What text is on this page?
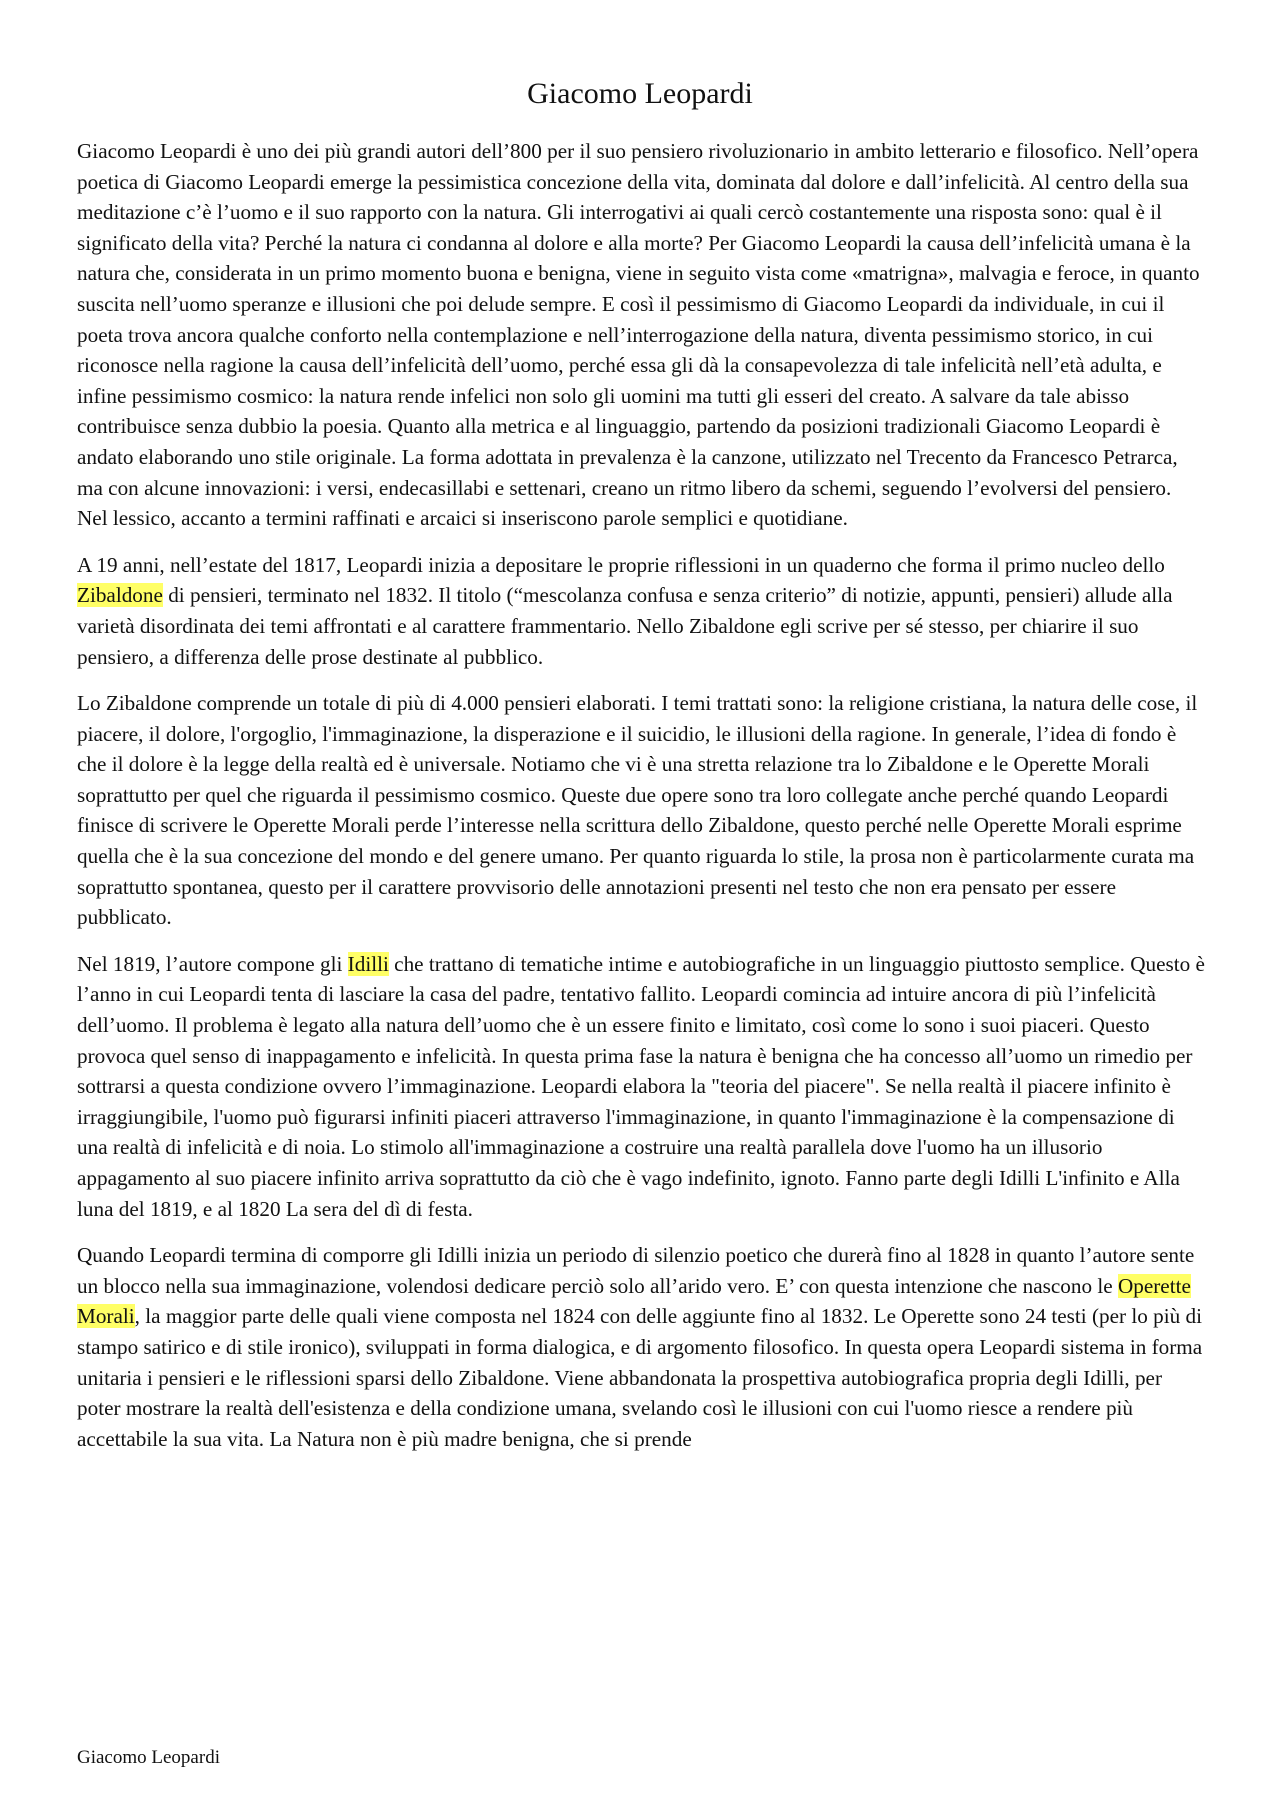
Giacomo Leopardi

Giacomo Leopardi è uno dei più grandi autori dell’800 per il suo pensiero rivoluzionario in ambito letterario e filosofico. Nell’opera poetica di Giacomo Leopardi emerge la pessimistica concezione della vita, dominata dal dolore e dall’infelicità. Al centro della sua meditazione c’è l’uomo e il suo rapporto con la natura. Gli interrogativi ai quali cercò costantemente una risposta sono: qual è il significato della vita? Perché la natura ci condanna al dolore e alla morte? Per Giacomo Leopardi la causa dell’infelicità umana è la natura che, considerata in un primo momento buona e benigna, viene in seguito vista come «matrigna», malvagia e feroce, in quanto suscita nell’uomo speranze e illusioni che poi delude sempre. E così il pessimismo di Giacomo Leopardi da individuale, in cui il poeta trova ancora qualche conforto nella contemplazione e nell’interrogazione della natura, diventa pessimismo storico, in cui riconosce nella ragione la causa dell’infelicità dell’uomo, perché essa gli dà la consapevolezza di tale infelicità nell’età adulta, e infine pessimismo cosmico: la natura rende infelici non solo gli uomini ma tutti gli esseri del creato. A salvare da tale abisso contribuisce senza dubbio la poesia. Quanto alla metrica e al linguaggio, partendo da posizioni tradizionali Giacomo Leopardi è andato elaborando uno stile originale. La forma adottata in prevalenza è la canzone, utilizzato nel Trecento da Francesco Petrarca, ma con alcune innovazioni: i versi, endecasillabi e settenari, creano un ritmo libero da schemi, seguendo l’evolversi del pensiero. Nel lessico, accanto a termini raffinati e arcaici si inseriscono parole semplici e quotidiane.

A 19 anni, nell’estate del 1817, Leopardi inizia a depositare le proprie riflessioni in un quaderno che forma il primo nucleo dello Zibaldone di pensieri, terminato nel 1832. Il titolo (“mescolanza confusa e senza criterio” di notizie, appunti, pensieri) allude alla varietà disordinata dei temi affrontati e al carattere frammentario. Nello Zibaldone egli scrive per sé stesso, per chiarire il suo pensiero, a differenza delle prose destinate al pubblico.

Lo Zibaldone comprende un totale di più di 4.000 pensieri elaborati. I temi trattati sono: la religione cristiana, la natura delle cose, il piacere, il dolore, l'orgoglio, l'immaginazione, la disperazione e il suicidio, le illusioni della ragione. In generale, l’idea di fondo è che il dolore è la legge della realtà ed è universale. Notiamo che vi è una stretta relazione tra lo Zibaldone e le Operette Morali soprattutto per quel che riguarda il pessimismo cosmico. Queste due opere sono tra loro collegate anche perché quando Leopardi finisce di scrivere le Operette Morali perde l’interesse nella scrittura dello Zibaldone, questo perché nelle Operette Morali esprime quella che è la sua concezione del mondo e del genere umano. Per quanto riguarda lo stile, la prosa non è particolarmente curata ma soprattutto spontanea, questo per il carattere provvisorio delle annotazioni presenti nel testo che non era pensato per essere pubblicato.

Nel 1819, l’autore compone gli Idilli che trattano di tematiche intime e autobiografiche in un linguaggio piuttosto semplice. Questo è l’anno in cui Leopardi tenta di lasciare la casa del padre, tentativo fallito. Leopardi comincia ad intuire ancora di più l’infelicità dell’uomo. Il problema è legato alla natura dell’uomo che è un essere finito e limitato, così come lo sono i suoi piaceri. Questo provoca quel senso di inappagamento e infelicità. In questa prima fase la natura è benigna che ha concesso all’uomo un rimedio per sottrarsi a questa condizione ovvero l’immaginazione. Leopardi elabora la "teoria del piacere". Se nella realtà il piacere infinito è irraggiungibile, l'uomo può figurarsi infiniti piaceri attraverso l'immaginazione, in quanto l'immaginazione è la compensazione di una realtà di infelicità e di noia. Lo stimolo all'immaginazione a costruire una realtà parallela dove l'uomo ha un illusorio appagamento al suo piacere infinito arriva soprattutto da ciò che è vago indefinito, ignoto. Fanno parte degli Idilli L'infinito e Alla luna del 1819, e al 1820 La sera del dì di festa.

Quando Leopardi termina di comporre gli Idilli inizia un periodo di silenzio poetico che durerà fino al 1828 in quanto l’autore sente un blocco nella sua immaginazione, volendosi dedicare perciò solo all’arido vero. E’ con questa intenzione che nascono le Operette Morali, la maggior parte delle quali viene composta nel 1824 con delle aggiunte fino al 1832. Le Operette sono 24 testi (per lo più di stampo satirico e di stile ironico), sviluppati in forma dialogica, e di argomento filosofico. In questa opera Leopardi sistema in forma unitaria i pensieri e le riflessioni sparsi dello Zibaldone. Viene abbandonata la prospettiva autobiografica propria degli Idilli, per poter mostrare la realtà dell'esistenza e della condizione umana, svelando così le illusioni con cui l'uomo riesce a rendere più accettabile la sua vita. La Natura non è più madre benigna, che si prende

Giacomo Leopardi
